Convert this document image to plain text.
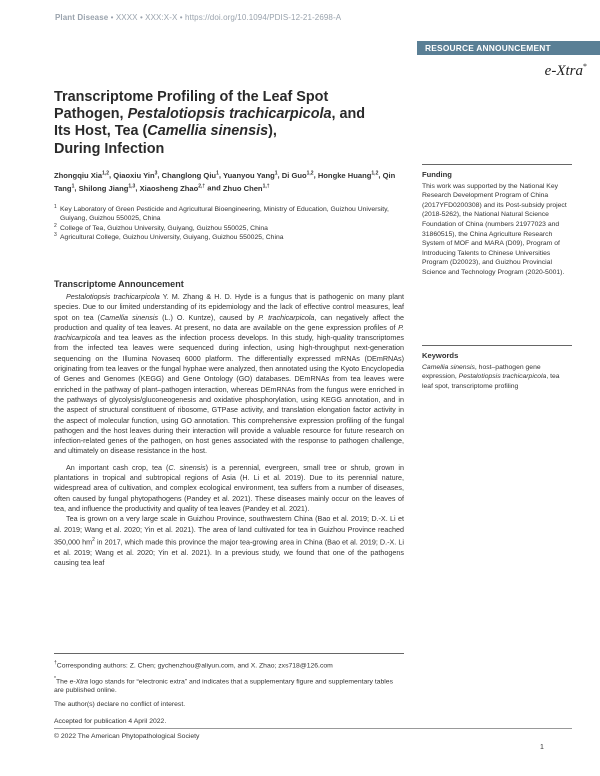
Plant Disease • XXXX • XXX:X-X • https://doi.org/10.1094/PDIS-12-21-2698-A
RESOURCE ANNOUNCEMENT
e-Xtra*
Transcriptome Profiling of the Leaf Spot
Pathogen, Pestalotiopsis trachicarpicola, and
Its Host, Tea (Camellia sinensis),
During Infection
Zhongqiu Xia$^{1,2}$, Qiaoxiu Yin$^3$, Changlong Qiu$^1$, Yuanyou Yang$^1$, Di Guo$^{1,2}$, Hongke Huang$^{1,2}$, Qin Tang$^1$, Shilong Jiang$^{1,3}$, Xiaosheng Zhao$^{2,\dagger}$ and Zhuo Chen$^{1,\dagger}$
1 Key Laboratory of Green Pesticide and Agricultural Bioengineering, Ministry of Education, Guizhou University, Guiyang, Guizhou 550025, China
2 College of Tea, Guizhou University, Guiyang, Guizhou 550025, China
3 Agricultural College, Guizhou University, Guiyang, Guizhou 550025, China
Transcriptome Announcement

Pestalotiopsis trachicarpicola Y. M. Zhang & H. D. Hyde is a fungus that is pathogenic on many plant species. Due to our limited understanding of its epidemiology and the lack of effective control measures, leaf spot on tea (Camellia sinensis (L.) O. Kuntze), caused by P. trachicarpicola, can negatively affect the production and quality of tea leaves. At present, no data are available on the gene expression profiles of P. trachicarpicola and tea leaves as the infection process develops. In this study, high-quality transcriptomes from the infected tea leaves were sequenced during infection, using high-throughput next-generation sequencing on the Illumina Novaseq 6000 platform. The differentially expressed mRNAs (DEmRNAs) originating from tea leaves or the fungal hyphae were analyzed, then annotated using the Kyoto Encyclopedia of Genes and Genomes (KEGG) and Gene Ontology (GO) databases. DEmRNAs from tea leaves were enriched in the pathway of plant–pathogen interaction, whereas DEmRNAs from the fungus were enriched in the pathways of glycolysis/gluconeogenesis and oxidative phosphorylation, using KEGG annotation, and in the aspect of structural constituent of ribosome, GTPase activity, and translation elongation factor activity in the aspect of molecular function, using GO annotation. This comprehensive expression profiling of the fungal pathogen and the host leaves during their interaction will provide a valuable resource for future research on infection-related genes of the pathogen, on host genes associated with the response to pathogen challenge, and ultimately on disease resistance in the host.

An important cash crop, tea (C. sinensis) is a perennial, evergreen, small tree or shrub, grown in plantations in tropical and subtropical regions of Asia (H. Li et al. 2019). Due to its perennial nature, widespread area of cultivation, and complex ecological environment, tea suffers from a number of diseases, often caused by fungal phytopathogens (Pandey et al. 2021). These diseases mainly occur on the leaves of tea, and influence the productivity and quality of tea leaves (Pandey et al. 2021).

Tea is grown on a very large scale in Guizhou Province, southwestern China (Bao et al. 2019; D.-X. Li et al. 2019; Wang et al. 2020; Yin et al. 2021). The area of land cultivated for tea in Guizhou Province reached 350,000 $hm^2$ in 2017, which made this province the major tea-growing area in China (Bao et al. 2019; D.-X. Li et al. 2019; Wang et al. 2020; Yin et al. 2021). In a previous study, we found that one of the pathogens causing tea leaf

†Corresponding authors: Z. Chen; gychenzhou@aliyun.com, and X. Zhao; zxs718@126.com

*The e-Xtra logo stands for “electronic extra” and indicates that a supplementary figure and supplementary tables are published online.

The author(s) declare no conflict of interest.

Accepted for publication 4 April 2022.

Funding
This work was supported by the National Key Research Development Program of China (2017YFD0200308) and its Post-subsidy project (2018-5262), the National Natural Science Foundation of China (numbers 21977023 and 31860515), the China Agriculture Research System of MOF and MARA (D09), Program of Introducing Talents to Chinese Universities Program (D20023), and Guizhou Provincial Science and Technology Program (2020-5001).
Keywords
Camellia sinensis, host–pathogen gene expression, Pestalotiopsis trachicarpicola, tea leaf spot, transcriptome profiling
© 2022 The American Phytopathological Society
1
